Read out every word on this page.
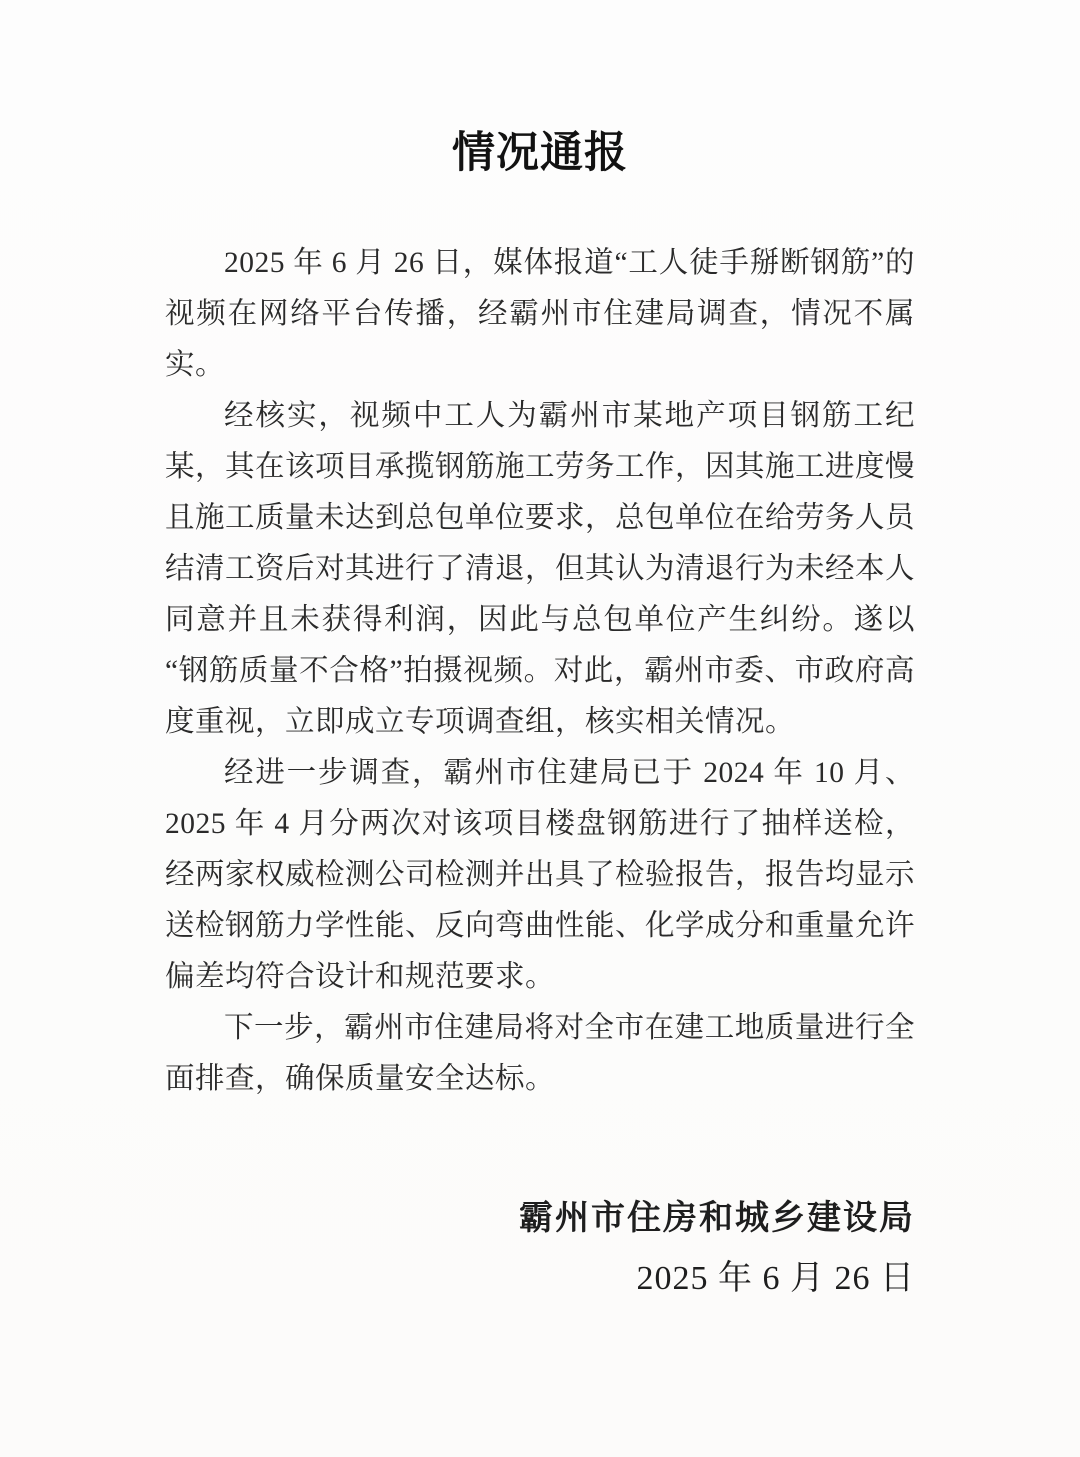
情况通报

2025 年 6 月 26 日，媒体报道“工人徒手掰断钢筋”的视频在网络平台传播，经霸州市住建局调查，情况不属实。

经核实，视频中工人为霸州市某地产项目钢筋工纪某，其在该项目承揽钢筋施工劳务工作，因其施工进度慢且施工质量未达到总包单位要求，总包单位在给劳务人员结清工资后对其进行了清退，但其认为清退行为未经本人同意并且未获得利润，因此与总包单位产生纠纷。遂以“钢筋质量不合格”拍摄视频。对此，霸州市委、市政府高度重视，立即成立专项调查组，核实相关情况。

经进一步调查，霸州市住建局已于 2024 年 10 月、2025 年 4 月分两次对该项目楼盘钢筋进行了抽样送检，经两家权威检测公司检测并出具了检验报告，报告均显示送检钢筋力学性能、反向弯曲性能、化学成分和重量允许偏差均符合设计和规范要求。

下一步，霸州市住建局将对全市在建工地质量进行全面排查，确保质量安全达标。

霸州市住房和城乡建设局
2025 年 6 月 26 日
